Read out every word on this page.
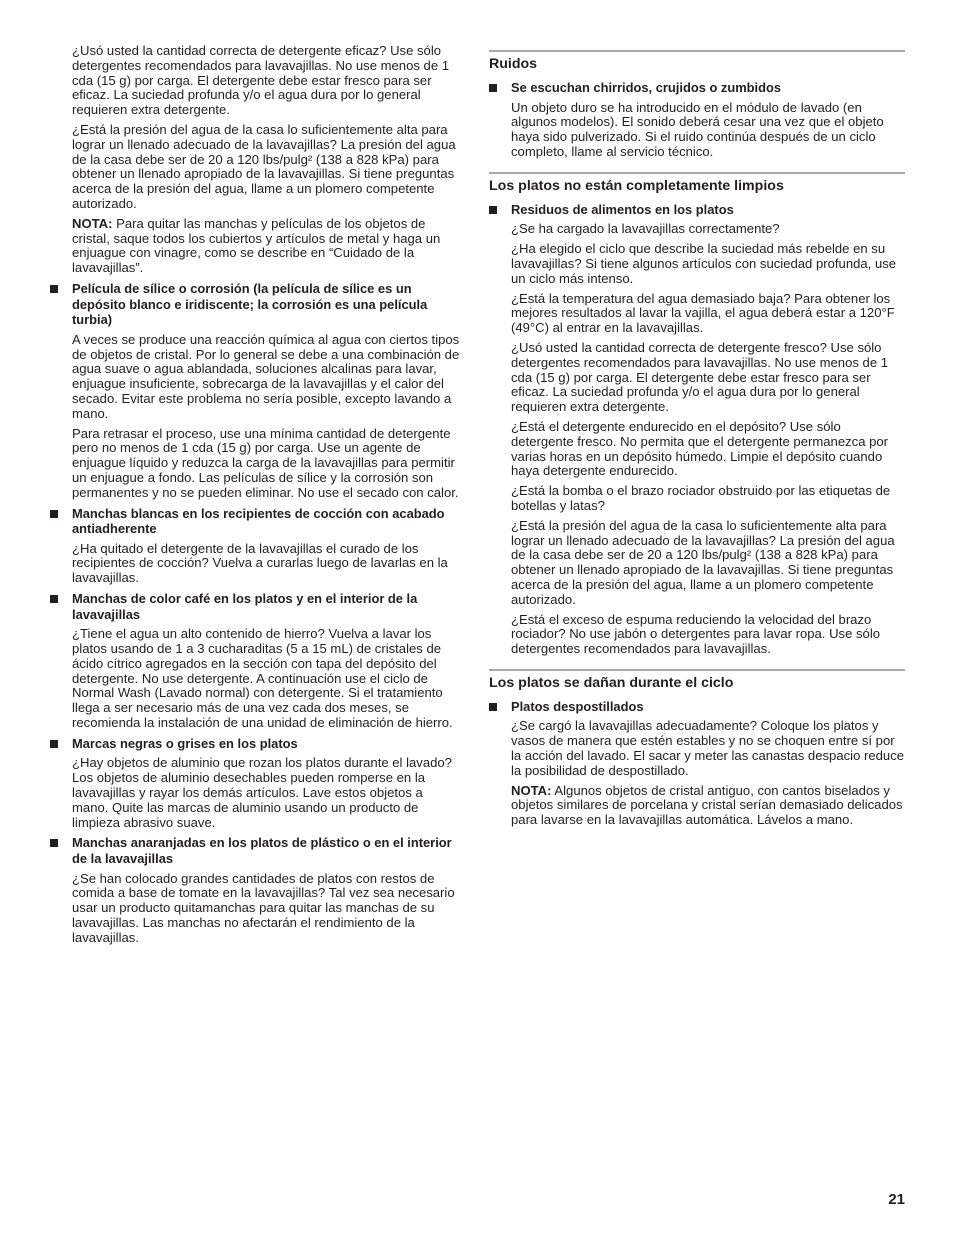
¿Usó usted la cantidad correcta de detergente eficaz? Use sólo detergentes recomendados para lavavajillas. No use menos de 1 cda (15 g) por carga. El detergente debe estar fresco para ser eficaz. La suciedad profunda y/o el agua dura por lo general requieren extra detergente.

¿Está la presión del agua de la casa lo suficientemente alta para lograr un llenado adecuado de la lavavajillas? La presión del agua de la casa debe ser de 20 a 120 lbs/pulg² (138 a 828 kPa) para obtener un llenado apropiado de la lavavajillas. Si tiene preguntas acerca de la presión del agua, llame a un plomero competente autorizado.

NOTA: Para quitar las manchas y películas de los objetos de cristal, saque todos los cubiertos y artículos de metal y haga un enjuague con vinagre, como se describe en “Cuidado de la lavavajillas”.

Película de sílice o corrosión (la película de sílice es un depósito blanco e iridiscente; la corrosión es una película turbia)

A veces se produce una reacción química al agua con ciertos tipos de objetos de cristal. Por lo general se debe a una combinación de agua suave o agua ablandada, soluciones alcalinas para lavar, enjuague insuficiente, sobrecarga de la lavavajillas y el calor del secado. Evitar este problema no sería posible, excepto lavando a mano.

Para retrasar el proceso, use una mínima cantidad de detergente pero no menos de 1 cda (15 g) por carga. Use un agente de enjuague líquido y reduzca la carga de la lavavajillas para permitir un enjuague a fondo. Las películas de sílice y la corrosión son permanentes y no se pueden eliminar. No use el secado con calor.

Manchas blancas en los recipientes de cocción con acabado antiadherente

¿Ha quitado el detergente de la lavavajillas el curado de los recipientes de cocción? Vuelva a curarlas luego de lavarlas en la lavavajillas.

Manchas de color café en los platos y en el interior de la lavavajillas

¿Tiene el agua un alto contenido de hierro? Vuelva a lavar los platos usando de 1 a 3 cucharaditas (5 a 15 mL) de cristales de ácido cítrico agregados en la sección con tapa del depósito del detergente. No use detergente. A continuación use el ciclo de Normal Wash (Lavado normal) con detergente. Si el tratamiento llega a ser necesario más de una vez cada dos meses, se recomienda la instalación de una unidad de eliminación de hierro.

Marcas negras o grises en los platos

¿Hay objetos de aluminio que rozan los platos durante el lavado? Los objetos de aluminio desechables pueden romperse en la lavavajillas y rayar los demás artículos. Lave estos objetos a mano. Quite las marcas de aluminio usando un producto de limpieza abrasivo suave.

Manchas anaranjadas en los platos de plástico o en el interior de la lavavajillas

¿Se han colocado grandes cantidades de platos con restos de comida a base de tomate en la lavavajillas? Tal vez sea necesario usar un producto quitamanchas para quitar las manchas de su lavavajillas. Las manchas no afectarán el rendimiento de la lavavajillas.

Ruidos
Se escuchan chirridos, crujidos o zumbidos

Un objeto duro se ha introducido en el módulo de lavado (en algunos modelos). El sonido deberá cesar una vez que el objeto haya sido pulverizado. Si el ruido continúa después de un ciclo completo, llame al servicio técnico.

Los platos no están completamente limpios
Residuos de alimentos en los platos

¿Se ha cargado la lavavajillas correctamente?

¿Ha elegido el ciclo que describe la suciedad más rebelde en su lavavajillas? Si tiene algunos artículos con suciedad profunda, use un ciclo más intenso.

¿Está la temperatura del agua demasiado baja? Para obtener los mejores resultados al lavar la vajilla, el agua deberá estar a 120°F (49°C) al entrar en la lavavajillas.

¿Usó usted la cantidad correcta de detergente fresco? Use sólo detergentes recomendados para lavavajillas. No use menos de 1 cda (15 g) por carga. El detergente debe estar fresco para ser eficaz. La suciedad profunda y/o el agua dura por lo general requieren extra detergente.

¿Está el detergente endurecido en el depósito? Use sólo detergente fresco. No permita que el detergente permanezca por varias horas en un depósito húmedo. Limpie el depósito cuando haya detergente endurecido.

¿Está la bomba o el brazo rociador obstruido por las etiquetas de botellas y latas?

¿Está la presión del agua de la casa lo suficientemente alta para lograr un llenado adecuado de la lavavajillas? La presión del agua de la casa debe ser de 20 a 120 lbs/pulg² (138 a 828 kPa) para obtener un llenado apropiado de la lavavajillas. Si tiene preguntas acerca de la presión del agua, llame a un plomero competente autorizado.

¿Está el exceso de espuma reduciendo la velocidad del brazo rociador? No use jabón o detergentes para lavar ropa. Use sólo detergentes recomendados para lavavajillas.

Los platos se dañan durante el ciclo
Platos despostillados

¿Se cargó la lavavajillas adecuadamente? Coloque los platos y vasos de manera que estén estables y no se choquen entre sí por la acción del lavado. El sacar y meter las canastas despacio reduce la posibilidad de despostillado.

NOTA: Algunos objetos de cristal antiguo, con cantos biselados y objetos similares de porcelana y cristal serían demasiado delicados para lavarse en la lavavajillas automática. Lávelos a mano.

21
